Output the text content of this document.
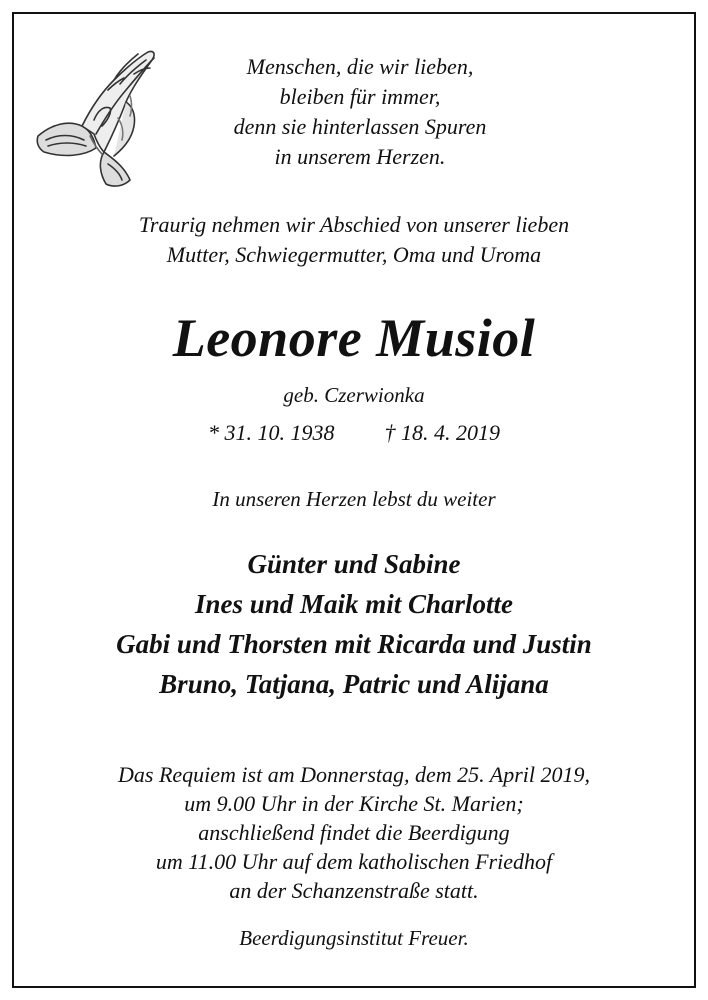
Menschen, die wir lieben,
bleiben für immer,
denn sie hinterlassen Spuren
in unserem Herzen.
Traurig nehmen wir Abschied von unserer lieben
Mutter, Schwiegermutter, Oma und Uroma
Leonore Musiol
geb. Czerwionka
* 31. 10. 1938 † 18. 4. 2019
In unseren Herzen lebst du weiter
Günter und Sabine
Ines und Maik mit Charlotte
Gabi und Thorsten mit Ricarda und Justin
Bruno, Tatjana, Patric und Alijana
Das Requiem ist am Donnerstag, dem 25. April 2019,
um 9.00 Uhr in der Kirche St. Marien;
anschließend findet die Beerdigung
um 11.00 Uhr auf dem katholischen Friedhof
an der Schanzenstraße statt.
Beerdigungsinstitut Freuer.
